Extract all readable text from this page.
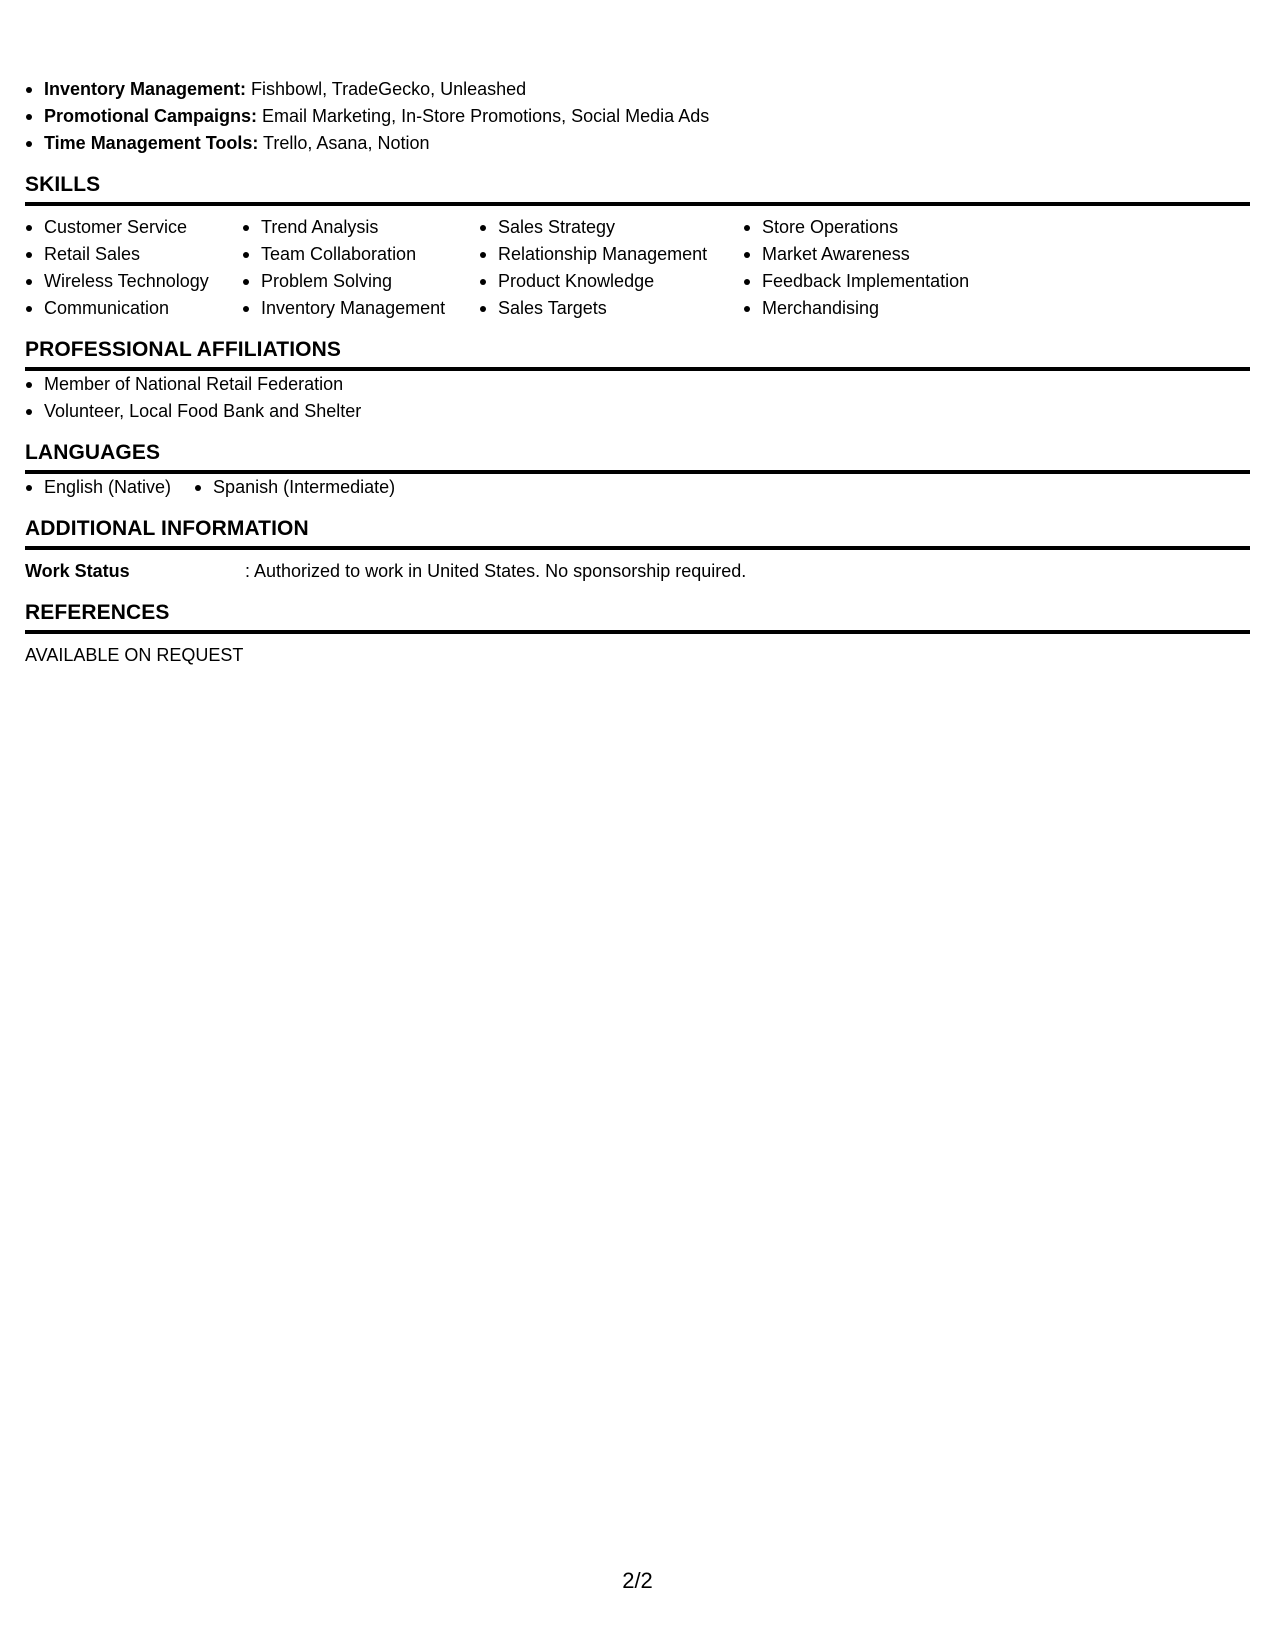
Inventory Management: Fishbowl, TradeGecko, Unleashed
Promotional Campaigns: Email Marketing, In-Store Promotions, Social Media Ads
Time Management Tools: Trello, Asana, Notion
SKILLS
Customer Service
Retail Sales
Wireless Technology
Communication
Trend Analysis
Team Collaboration
Problem Solving
Inventory Management
Sales Strategy
Relationship Management
Product Knowledge
Sales Targets
Store Operations
Market Awareness
Feedback Implementation
Merchandising
PROFESSIONAL AFFILIATIONS
Member of National Retail Federation
Volunteer, Local Food Bank and Shelter
LANGUAGES
English (Native)	Spanish (Intermediate)
ADDITIONAL INFORMATION
Work Status	: Authorized to work in United States. No sponsorship required.
REFERENCES
AVAILABLE ON REQUEST
2/2
